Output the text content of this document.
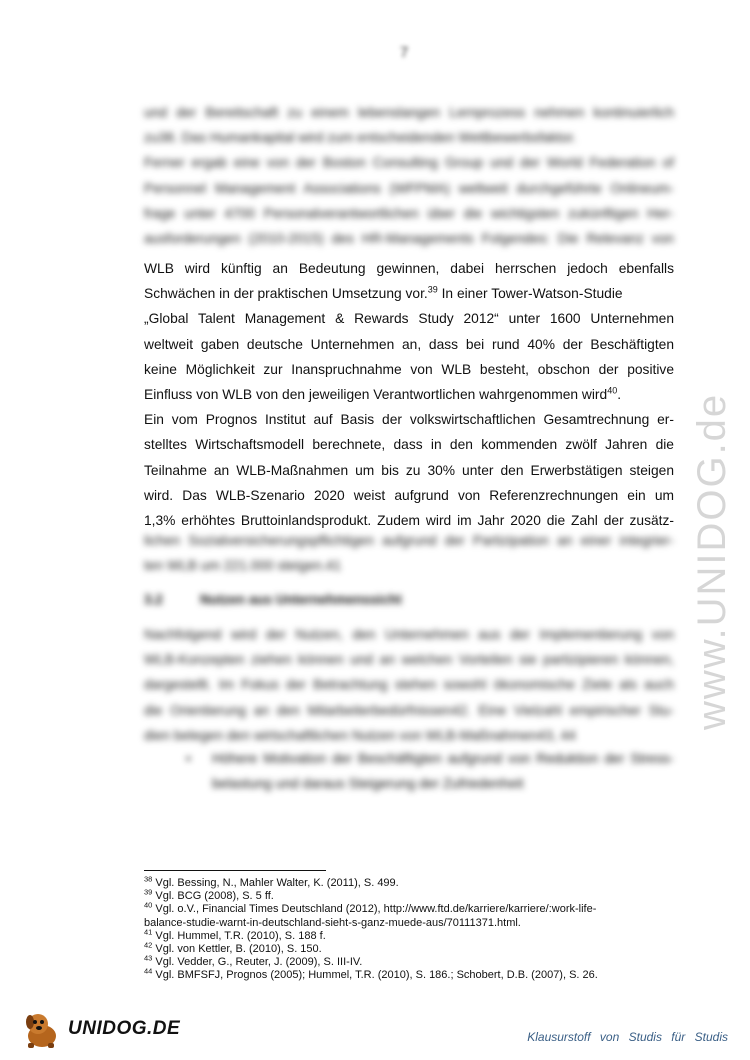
7
und der Bereitschaft zu einem lebenslangen Lernprozess nehmen kontinuierlich
zu38. Das Humankapital wird zum entscheidenden Wettbewerbsfaktor.
Ferner ergab eine von der Boston Consulting Group und der World Federation of
Personnel Management Associations (WFPMA) weltweit durchgeführte Onlineum-
frage unter 4700 Personalverantwortlichen über die wichtigsten zukünftigen Her-
ausforderungen (2010-2015) des HR-Managements Folgendes: Die Relevanz von
WLB wird künftig an Bedeutung gewinnen, dabei herrschen jedoch ebenfalls
Schwächen in der praktischen Umsetzung vor.$^{39}$ In einer Tower-Watson-Studie
„Global Talent Management & Rewards Study 2012“ unter 1600 Unternehmen
weltweit gaben deutsche Unternehmen an, dass bei rund 40% der Beschäftigten
keine Möglichkeit zur Inanspruchnahme von WLB besteht, obschon der positive
Einfluss von WLB von den jeweiligen Verantwortlichen wahrgenommen wird$^{40}$.
Ein vom Prognos Institut auf Basis der volkswirtschaftlichen Gesamtrechnung er-
stelltes Wirtschaftsmodell berechnete, dass in den kommenden zwölf Jahren die
Teilnahme an WLB-Maßnahmen um bis zu 30% unter den Erwerbstätigen steigen
wird. Das WLB-Szenario 2020 weist aufgrund von Referenzrechnungen ein um
1,3% erhöhtes Bruttoinlandsprodukt. Zudem wird im Jahr 2020 die Zahl der zusätz-
lichen Sozialversicherungspflichtigen aufgrund der Partizipation an einer integrier-
ten WLB um 221.000 steigen.41
3.2	Nutzen aus Unternehmenssicht
Nachfolgend wird der Nutzen, den Unternehmen aus der Implementierung von
WLB-Konzepten ziehen können und an welchen Vorteilen sie partizipieren können,
dargestellt. Im Fokus der Betrachtung stehen sowohl ökonomische Ziele als auch
die Orientierung an den Mitarbeiterbedürfnissen42. Eine Vielzahl empirischer Stu-
dien belegen den wirtschaftlichen Nutzen von WLB-Maßnahmen43, 44
• Höhere Motivation der Beschäftigten aufgrund von Reduktion der Stress-
belastung und daraus Steigerung der Zufriedenheit
$^{38}$ Vgl. Bessing, N., Mahler Walter, K. (2011), S. 499.
$^{39}$ Vgl. BCG (2008), S. 5 ff.
$^{40}$ Vgl. o.V., Financial Times Deutschland (2012), http://www.ftd.de/karriere/karriere/:work-life-
balance-studie-warnt-in-deutschland-sieht-s-ganz-muede-aus/70111371.html.
$^{41}$ Vgl. Hummel, T.R. (2010), S. 188 f.
$^{42}$ Vgl. von Kettler, B. (2010), S. 150.
$^{43}$ Vgl. Vedder, G., Reuter, J. (2009), S. III-IV.
$^{44}$ Vgl. BMFSFJ, Prognos (2005); Hummel, T.R. (2010), S. 186.; Schobert, D.B. (2007), S. 26.
www.UNIDOG.de
UNIDOG.DE	Klausurstoff von Studis für Studis
